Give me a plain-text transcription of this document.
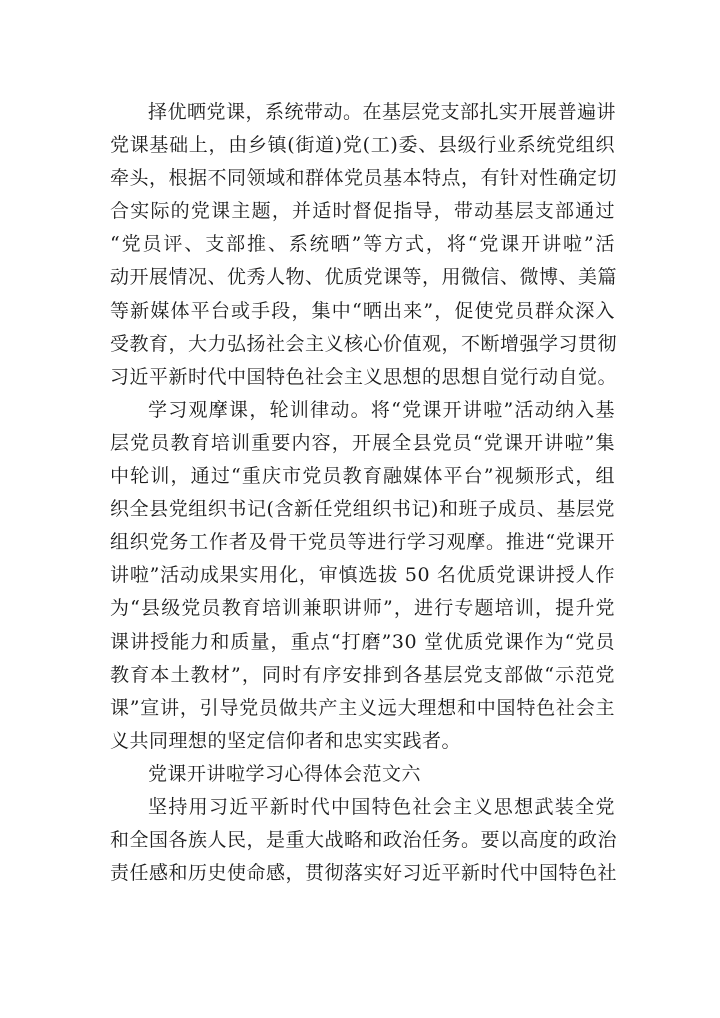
择优晒党课，系统带动。在基层党支部扎实开展普遍讲
党课基础上，由乡镇(街道)党(工)委、县级行业系统党组织
牵头，根据不同领域和群体党员基本特点，有针对性确定切
合实际的党课主题，并适时督促指导，带动基层支部通过
“党员评、支部推、系统晒”等方式，将“党课开讲啦”活
动开展情况、优秀人物、优质党课等，用微信、微博、美篇
等新媒体平台或手段，集中“晒出来”，促使党员群众深入
受教育，大力弘扬社会主义核心价值观，不断增强学习贯彻
习近平新时代中国特色社会主义思想的思想自觉行动自觉。
学习观摩课，轮训律动。将“党课开讲啦”活动纳入基
层党员教育培训重要内容，开展全县党员“党课开讲啦”集
中轮训，通过“重庆市党员教育融媒体平台”视频形式，组
织全县党组织书记(含新任党组织书记)和班子成员、基层党
组织党务工作者及骨干党员等进行学习观摩。推进“党课开
讲啦”活动成果实用化，审慎选拔 50 名优质党课讲授人作
为“县级党员教育培训兼职讲师”，进行专题培训，提升党
课讲授能力和质量，重点“打磨”30 堂优质党课作为“党员
教育本土教材”，同时有序安排到各基层党支部做“示范党
课”宣讲，引导党员做共产主义远大理想和中国特色社会主
义共同理想的坚定信仰者和忠实实践者。
党课开讲啦学习心得体会范文六
坚持用习近平新时代中国特色社会主义思想武装全党
和全国各族人民，是重大战略和政治任务。要以高度的政治
责任感和历史使命感，贯彻落实好习近平新时代中国特色社
